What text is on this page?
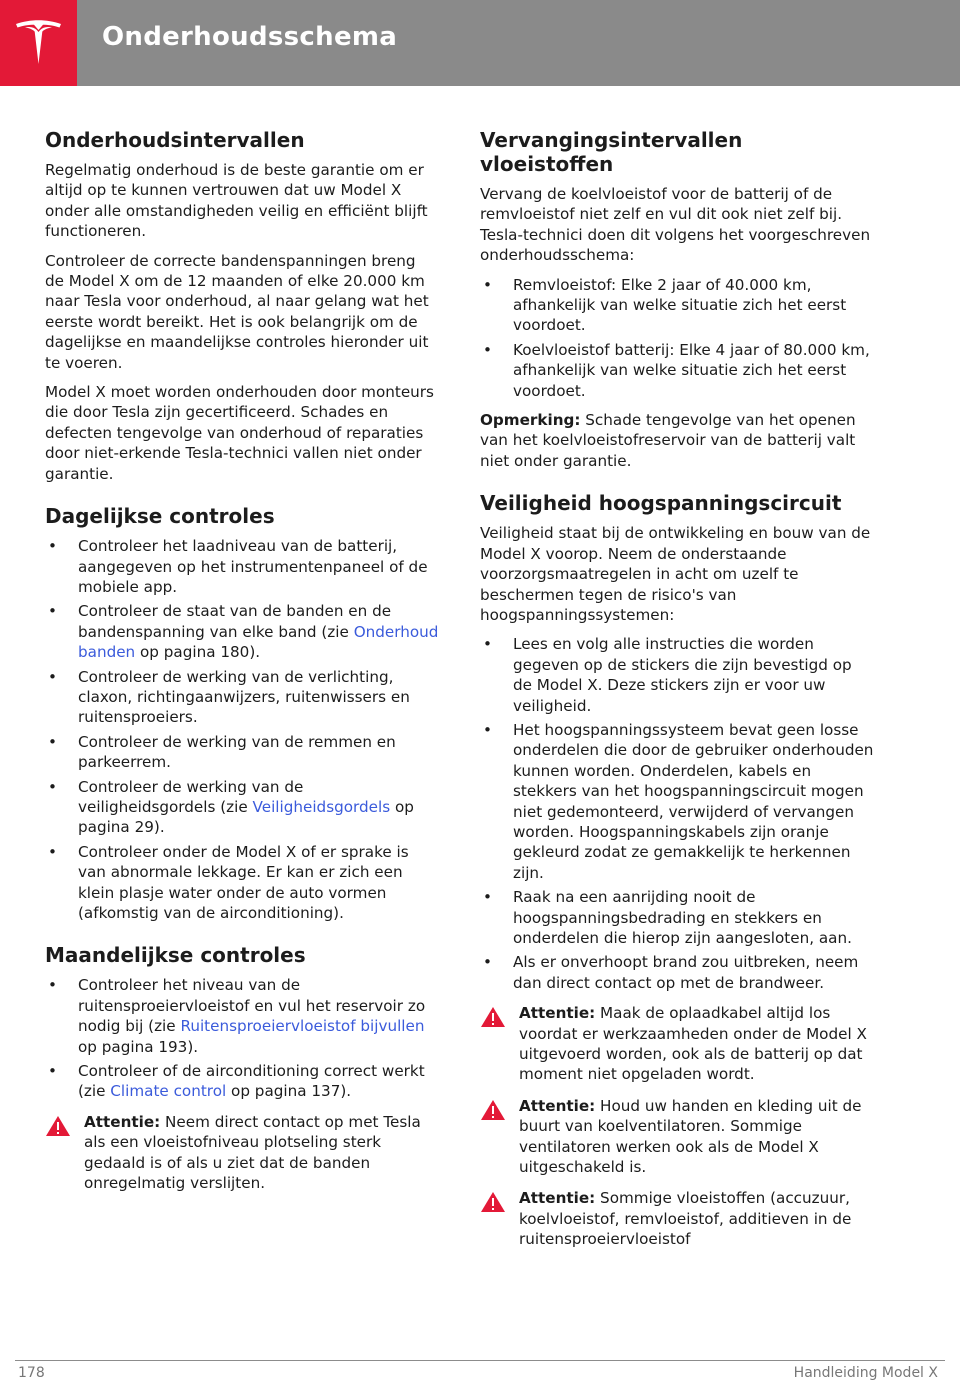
Onderhoudsschema
Onderhoudsintervallen

Regelmatig onderhoud is de beste garantie om er altijd op te kunnen vertrouwen dat uw Model X onder alle omstandigheden veilig en efficiënt blijft functioneren.

Controleer de correcte bandenspanningen breng de Model X om de 12 maanden of elke 20.000 km naar Tesla voor onderhoud, al naar gelang wat het eerste wordt bereikt. Het is ook belangrijk om de dagelijkse en maandelijkse controles hieronder uit te voeren.

Model X moet worden onderhouden door monteurs die door Tesla zijn gecertificeerd. Schades en defecten tengevolge van onderhoud of reparaties door niet-erkende Tesla-technici vallen niet onder garantie.

Dagelijkse controles
• Controleer het laadniveau van de batterij, aangegeven op het instrumentenpaneel of de mobiele app.
• Controleer de staat van de banden en de bandenspanning van elke band (zie Onderhoud banden op pagina 180).
• Controleer de werking van de verlichting, claxon, richtingaanwijzers, ruitenwissers en ruitensproeiers.
• Controleer de werking van de remmen en parkeerrem.
• Controleer de werking van de veiligheidsgordels (zie Veiligheidsgordels op pagina 29).
• Controleer onder de Model X of er sprake is van abnormale lekkage. Er kan er zich een klein plasje water onder de auto vormen (afkomstig van de airconditioning).
Maandelijkse controles
• Controleer het niveau van de ruitensproeiervloeistof en vul het reservoir zo nodig bij (zie Ruitensproeiervloeistof bijvullen op pagina 193).
• Controleer of de airconditioning correct werkt (zie Climate control op pagina 137).
Attentie: Neem direct contact op met Tesla als een vloeistofniveau plotseling sterk gedaald is of als u ziet dat de banden onregelmatig verslijten.
Vervangingsintervallen vloeistoffen

Vervang de koelvloeistof voor de batterij of de remvloeistof niet zelf en vul dit ook niet zelf bij. Tesla-technici doen dit volgens het voorgeschreven onderhoudsschema:

• Remvloeistof: Elke 2 jaar of 40.000 km, afhankelijk van welke situatie zich het eerst voordoet.
• Koelvloeistof batterij: Elke 4 jaar of 80.000 km, afhankelijk van welke situatie zich het eerst voordoet.

Opmerking: Schade tengevolge van het openen van het koelvloeistofreservoir van de batterij valt niet onder garantie.

Veiligheid hoogspanningscircuit

Veiligheid staat bij de ontwikkeling en bouw van de Model X voorop. Neem de onderstaande voorzorgsmaatregelen in acht om uzelf te beschermen tegen de risico's van hoogspanningssystemen:

• Lees en volg alle instructies die worden gegeven op de stickers die zijn bevestigd op de Model X. Deze stickers zijn er voor uw veiligheid.
• Het hoogspanningssysteem bevat geen losse onderdelen die door de gebruiker onderhouden kunnen worden. Onderdelen, kabels en stekkers van het hoogspanningscircuit mogen niet gedemonteerd, verwijderd of vervangen worden. Hoogspanningskabels zijn oranje gekleurd zodat ze gemakkelijk te herkennen zijn.
• Raak na een aanrijding nooit de hoogspanningsbedrading en stekkers en onderdelen die hierop zijn aangesloten, aan.
• Als er onverhoopt brand zou uitbreken, neem dan direct contact op met de brandweer.
Attentie: Maak de oplaadkabel altijd los voordat er werkzaamheden onder de Model X uitgevoerd worden, ook als de batterij op dat moment niet opgeladen wordt.
Attentie: Houd uw handen en kleding uit de buurt van koelventilatoren. Sommige ventilatoren werken ook als de Model X uitgeschakeld is.
Attentie: Sommige vloeistoffen (accuzuur, koelvloeistof, remvloeistof, additieven in de ruitensproeiervloeistof
178	Handleiding Model X
